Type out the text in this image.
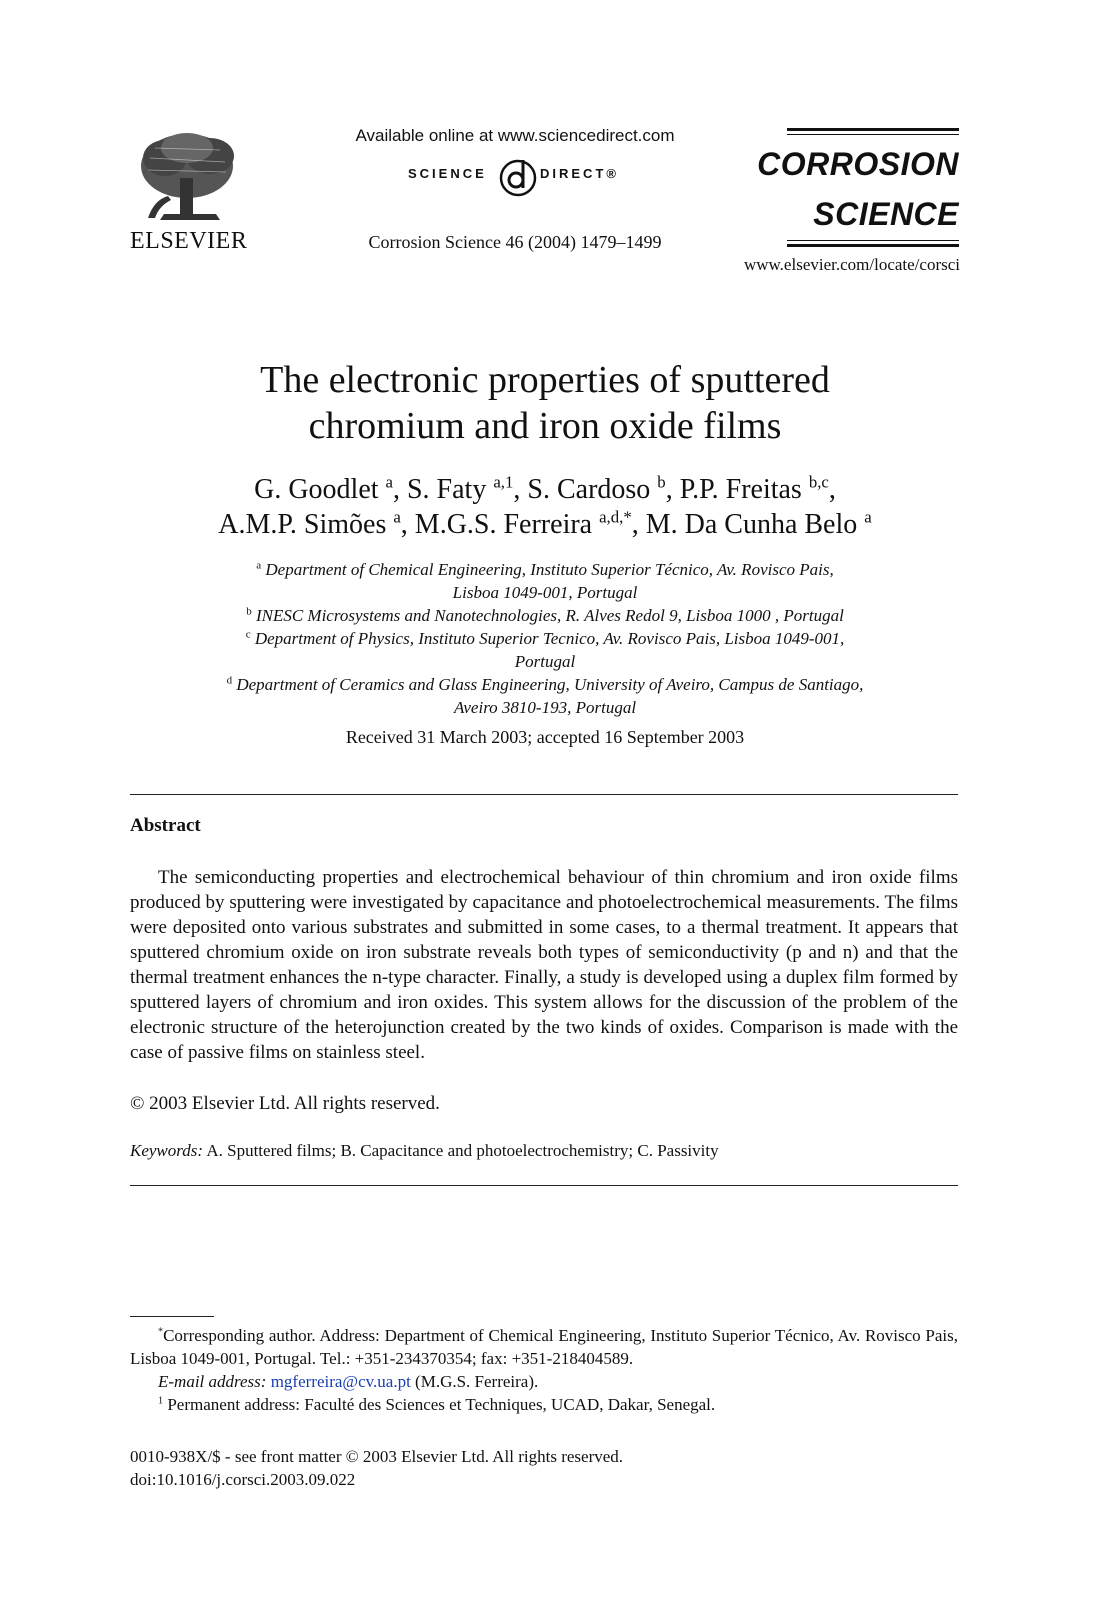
ELSEVIER
Available online at www.sciencedirect.com
SCIENCE	DIRECT®
Corrosion Science 46 (2004) 1479–1499
CORROSION
SCIENCE
www.elsevier.com/locate/corsci
The electronic properties of sputtered
chromium and iron oxide films
G. Goodlet $^a$, S. Faty $^{a,1}$, S. Cardoso $^b$, P.P. Freitas $^{b,c}$,
A.M.P. Simões $^a$, M.G.S. Ferreira $^{a,d,*}$, M. Da Cunha Belo $^a$
$^a$ Department of Chemical Engineering, Instituto Superior Técnico, Av. Rovisco Pais,
Lisboa 1049-001, Portugal
$^b$ INESC Microsystems and Nanotechnologies, R. Alves Redol 9, Lisboa 1000 , Portugal
$^c$ Department of Physics, Instituto Superior Tecnico, Av. Rovisco Pais, Lisboa 1049-001,
Portugal
$^d$ Department of Ceramics and Glass Engineering, University of Aveiro, Campus de Santiago,
Aveiro 3810-193, Portugal
Received 31 March 2003; accepted 16 September 2003
Abstract

The semiconducting properties and electrochemical behaviour of thin chromium and iron oxide films produced by sputtering were investigated by capacitance and photoelectrochemical measurements. The films were deposited onto various substrates and submitted in some cases, to a thermal treatment. It appears that sputtered chromium oxide on iron substrate reveals both types of semiconductivity (p and n) and that the thermal treatment enhances the n-type character. Finally, a study is developed using a duplex film formed by sputtered layers of chromium and iron oxides. This system allows for the discussion of the problem of the electronic structure of the heterojunction created by the two kinds of oxides. Comparison is made with the case of passive films on stainless steel.

© 2003 Elsevier Ltd. All rights reserved.
Keywords: A. Sputtered films; B. Capacitance and photoelectrochemistry; C. Passivity

*Corresponding author. Address: Department of Chemical Engineering, Instituto Superior Técnico, Av. Rovisco Pais, Lisboa 1049-001, Portugal. Tel.: +351-234370354; fax: +351-218404589.

E-mail address: mgferreira@cv.ua.pt (M.G.S. Ferreira).

$^1$ Permanent address: Faculté des Sciences et Techniques, UCAD, Dakar, Senegal.

0010-938X/$ - see front matter © 2003 Elsevier Ltd. All rights reserved.
doi:10.1016/j.corsci.2003.09.022
